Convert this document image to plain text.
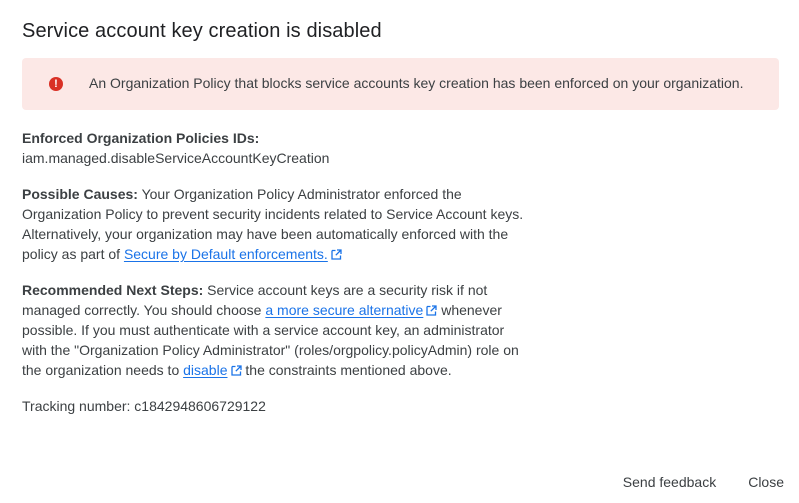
Service account key creation is disabled
!	An Organization Policy that blocks service accounts key creation has been enforced on your organization.

Enforced Organization Policies IDs:
iam.managed.disableServiceAccountKeyCreation

Possible Causes: Your Organization Policy Administrator enforced the Organization Policy to prevent security incidents related to Service Account keys. Alternatively, your organization may have been automatically enforced with the policy as part of Secure by Default enforcements.

Recommended Next Steps: Service account keys are a security risk if not managed correctly. You should choose a more secure alternative whenever possible. If you must authenticate with a service account key, an administrator with the "Organization Policy Administrator" (roles/orgpolicy.policyAdmin) role on the organization needs to disable the constraints mentioned above.

Tracking number: c1842948606729122

Send feedback Close
